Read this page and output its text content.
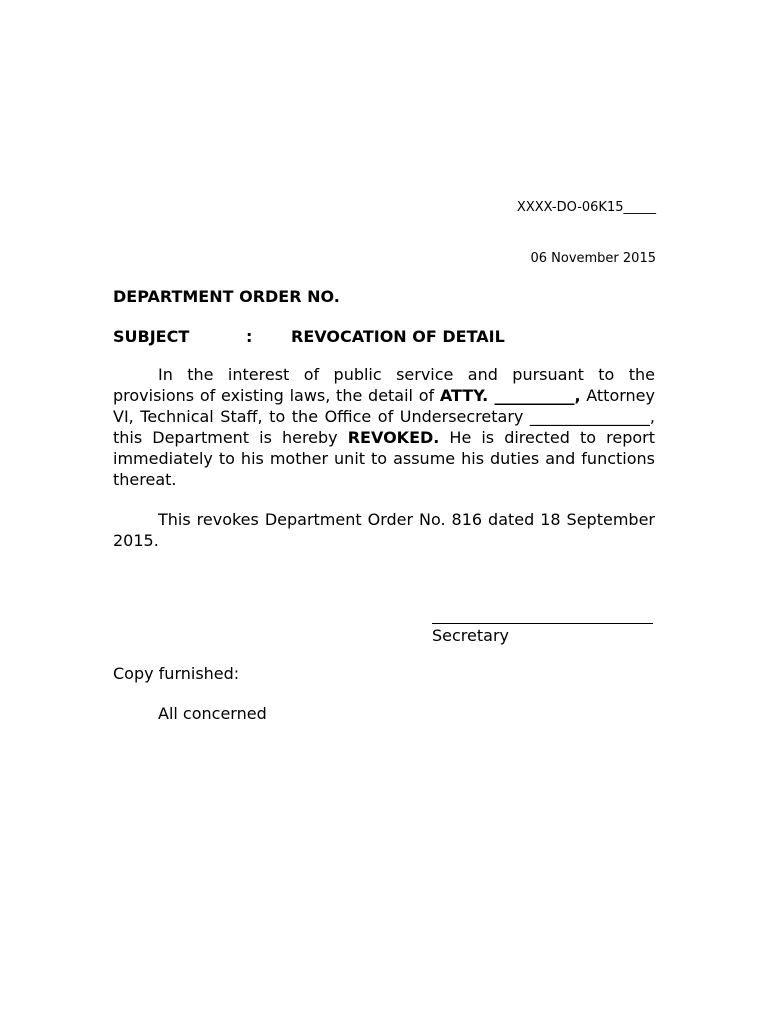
XXXX-DO-06K15_____
06 November 2015
DEPARTMENT ORDER NO.
SUBJECT	: REVOCATION OF DETAIL

In the interest of public service and pursuant to the provisions of existing laws, the detail of ATTY. __________, Attorney VI, Technical Staff, to the Office of Undersecretary _______________, this Department is hereby REVOKED. He is directed to report immediately to his mother unit to assume his duties and functions thereat.

This revokes Department Order No. 816 dated 18 September 2015.

Secretary
Copy furnished:
All concerned
